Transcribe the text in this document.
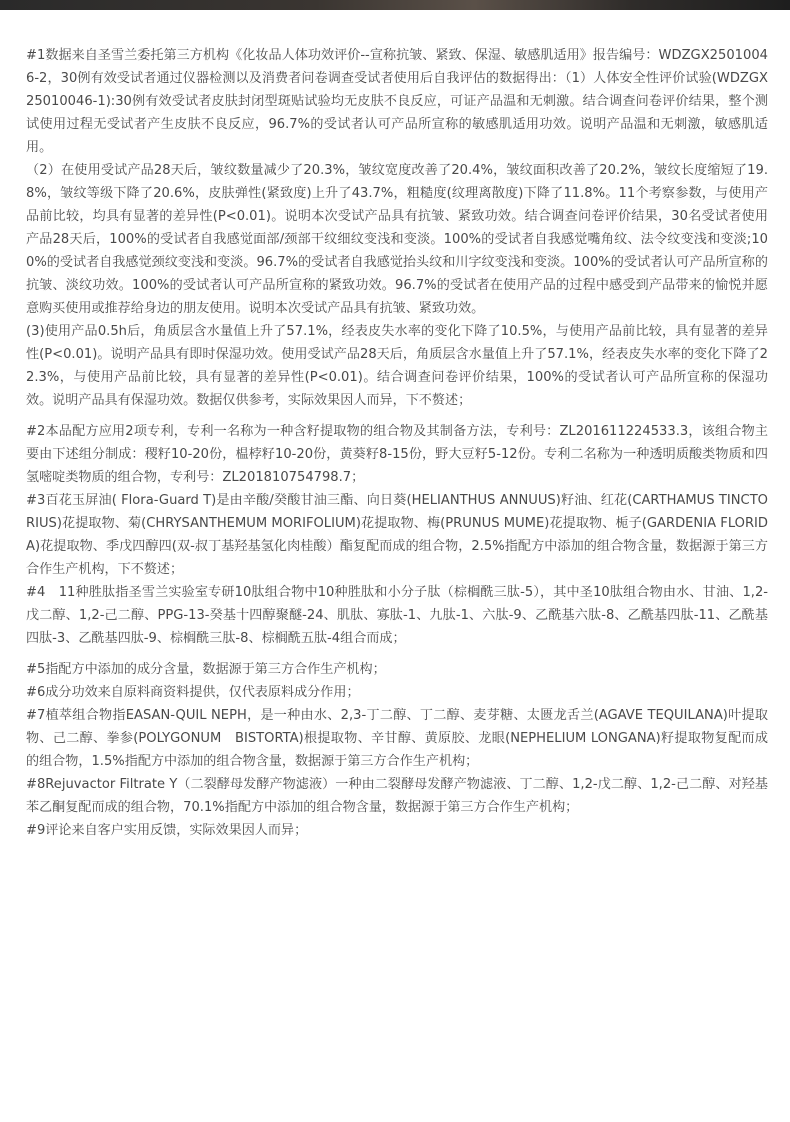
#1数据来自圣雪兰委托第三方机构《化妆品人体功效评价--宣称抗皱、紧致、保湿、敏感肌适用》报告编号：WDZGX25010046-2，30例有效受试者通过仪器检测以及消费者问卷调查受试者使用后自我评估的数据得出：（1）人体安全性评价试验(WDZGX25010046-1):30例有效受试者皮肤封闭型斑贴试验均无皮肤不良反应，可证产品温和无刺激。结合调查问卷评价结果，整个测试使用过程无受试者产生皮肤不良反应，96.7%的受试者认可产品所宣称的敏感肌适用功效。说明产品温和无刺激，敏感肌适用。

（2）在使用受试产品28天后，皱纹数量减少了20.3%，皱纹宽度改善了20.4%，皱纹面积改善了20.2%，皱纹长度缩短了19.8%，皱纹等级下降了20.6%，皮肤弹性(紧致度)上升了43.7%，粗糙度(纹理离散度)下降了11.8%。11个考察参数，与使用产品前比较，均具有显著的差异性(P<0.01)。说明本次受试产品具有抗皱、紧致功效。结合调查问卷评价结果，30名受试者使用产品28天后，100%的受试者自我感觉面部/颈部干纹细纹变浅和变淡。100%的受试者自我感觉嘴角纹、法令纹变浅和变淡;100%的受试者自我感觉颈纹变浅和变淡。96.7%的受试者自我感觉抬头纹和川字纹变浅和变淡。100%的受试者认可产品所宣称的抗皱、淡纹功效。100%的受试者认可产品所宣称的紧致功效。96.7%的受试者在使用产品的过程中感受到产品带来的愉悦并愿意购买使用或推荐给身边的朋友使用。说明本次受试产品具有抗皱、紧致功效。

(3)使用产品0.5h后，角质层含水量值上升了57.1%，经表皮失水率的变化下降了10.5%，与使用产品前比较，具有显著的差异性(P<0.01)。说明产品具有即时保湿功效。使用受试产品28天后，角质层含水量值上升了57.1%，经表皮失水率的变化下降了22.3%，与使用产品前比较，具有显著的差异性(P<0.01)。结合调查问卷评价结果，100%的受试者认可产品所宣称的保湿功效。说明产品具有保湿功效。数据仅供参考，实际效果因人而异，下不赘述；

#2本品配方应用2项专利，专利一名称为一种含籽提取物的组合物及其制备方法，专利号：ZL201611224533.3，该组合物主要由下述组分制成：稷籽10-20份，榅桲籽10-20份，黄葵籽8-15份，野大豆籽5-12份。专利二名称为一种透明质酸类物质和四氢嘧啶类物质的组合物，专利号：ZL201810754798.7；

#3百花玉屏油( Flora-Guard T)是由辛酸/癸酸甘油三酯、向日葵(HELIANTHUS ANNUUS)籽油、红花(CARTHAMUS TINCTORIUS)花提取物、菊(CHRYSANTHEMUM MORIFOLIUM)花提取物、梅(PRUNUS MUME)花提取物、栀子(GARDENIA FLORIDA)花提取物、季戊四醇四(双-叔丁基羟基氢化肉桂酸）酯复配而成的组合物，2.5%指配方中添加的组合物含量，数据源于第三方合作生产机构，下不赘述；

#4　11种胜肽指圣雪兰实验室专研10肽组合物中10种胜肽和小分子肽（棕榈酰三肽-5），其中圣10肽组合物由水、甘油、1,2-戊二醇、1,2-己二醇、PPG-13-癸基十四醇聚醚-24、肌肽、寡肽-1、九肽-1、六肽-9、乙酰基六肽-8、乙酰基四肽-11、乙酰基四肽-3、乙酰基四肽-9、棕榈酰三肽-8、棕榈酰五肽-4组合而成；

#5指配方中添加的成分含量，数据源于第三方合作生产机构；

#6成分功效来自原料商资料提供，仅代表原料成分作用；

#7植萃组合物指EASAN-QUIL NEPH，是一种由水、2,3-丁二醇、丁二醇、麦芽糖、太匮龙舌兰(AGAVE TEQUILANA)叶提取物、己二醇、拳参(POLYGONUM　BISTORTA)根提取物、辛甘醇、黄原胶、龙眼(NEPHELIUM LONGANA)籽提取物复配而成的组合物，1.5%指配方中添加的组合物含量，数据源于第三方合作生产机构；

#8Rejuvactor Filtrate Y（二裂酵母发酵产物滤液）一种由二裂酵母发酵产物滤液、丁二醇、1,2-戊二醇、1,2-己二醇、对羟基苯乙酮复配而成的组合物，70.1%指配方中添加的组合物含量，数据源于第三方合作生产机构；

#9评论来自客户实用反馈，实际效果因人而异；
